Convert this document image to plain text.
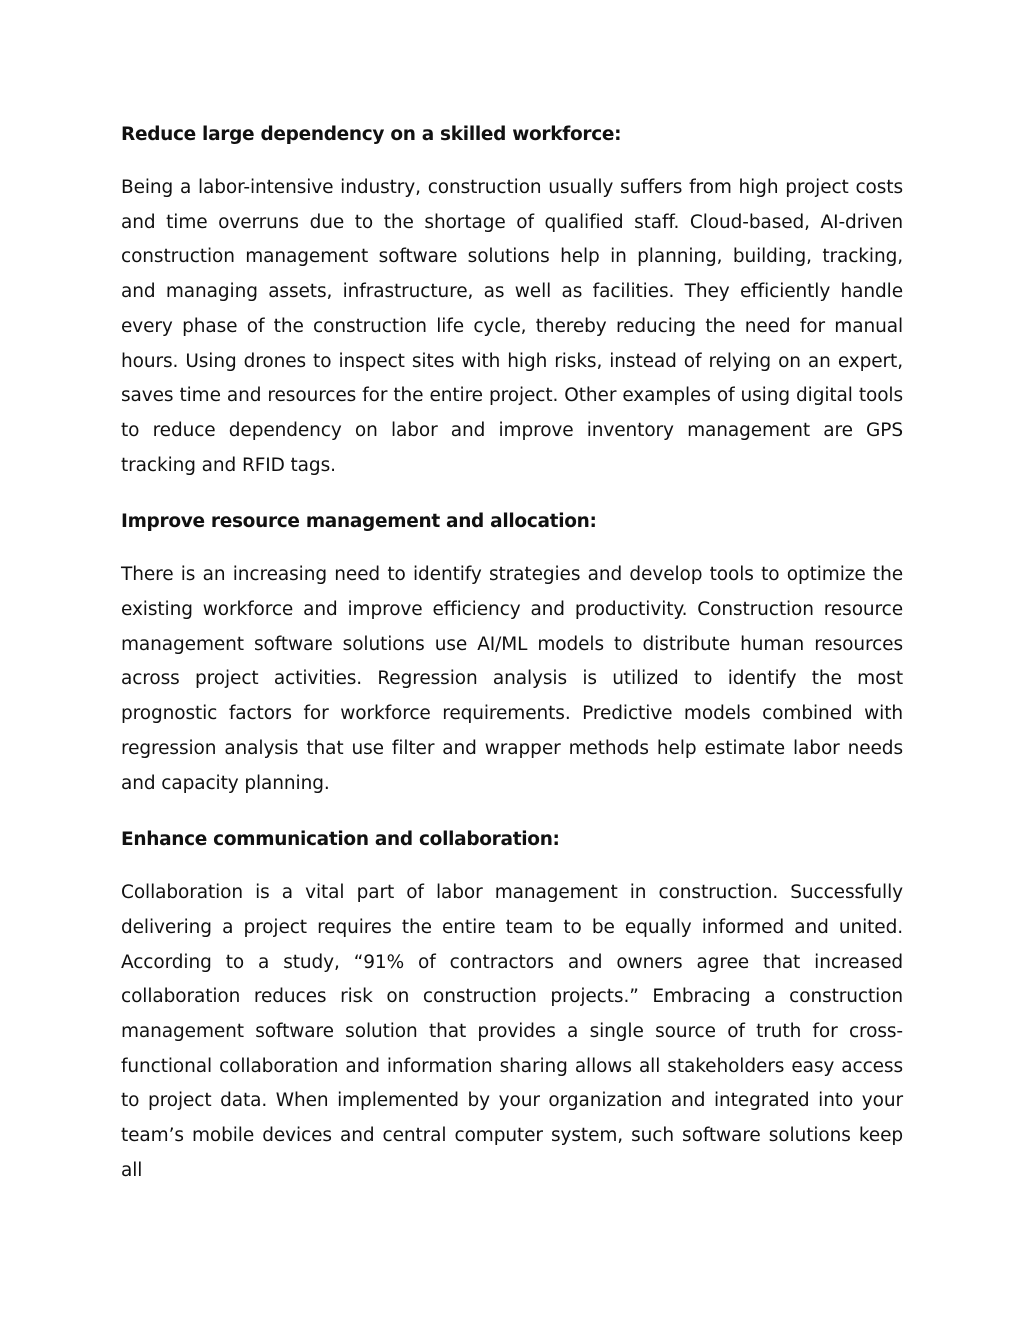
Reduce large dependency on a skilled workforce:

Being a labor-intensive industry, construction usually suffers from high project costs and time overruns due to the shortage of qualified staff. Cloud-based, AI-driven construction management software solutions help in planning, building, tracking, and managing assets, infrastructure, as well as facilities. They efficiently handle every phase of the construction life cycle, thereby reducing the need for manual hours. Using drones to inspect sites with high risks, instead of relying on an expert, saves time and resources for the entire project. Other examples of using digital tools to reduce dependency on labor and improve inventory management are GPS tracking and RFID tags.

Improve resource management and allocation:

There is an increasing need to identify strategies and develop tools to optimize the existing workforce and improve efficiency and productivity. Construction resource management software solutions use AI/ML models to distribute human resources across project activities. Regression analysis is utilized to identify the most prognostic factors for workforce requirements. Predictive models combined with regression analysis that use filter and wrapper methods help estimate labor needs and capacity planning.

Enhance communication and collaboration:

Collaboration is a vital part of labor management in construction. Successfully delivering a project requires the entire team to be equally informed and united. According to a study, “91% of contractors and owners agree that increased collaboration reduces risk on construction projects.” Embracing a construction management software solution that provides a single source of truth for cross-functional collaboration and information sharing allows all stakeholders easy access to project data. When implemented by your organization and integrated into your team’s mobile devices and central computer system, such software solutions keep all
